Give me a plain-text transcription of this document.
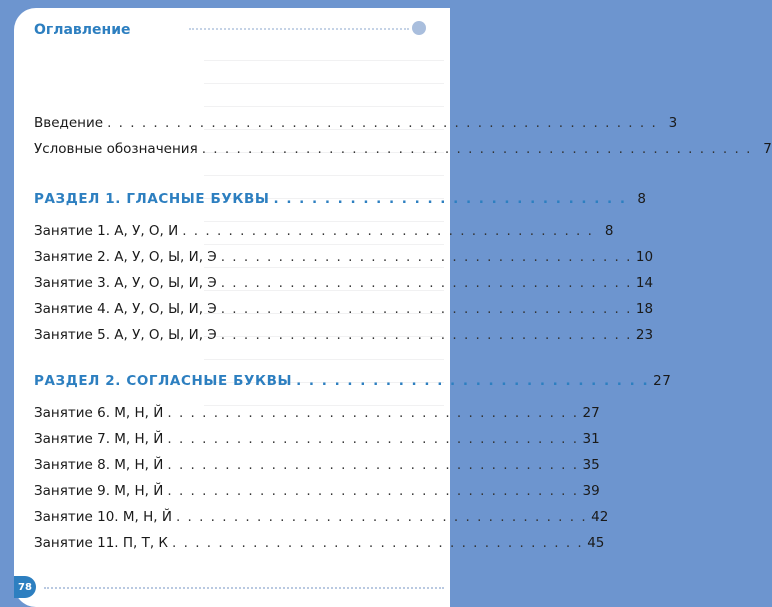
Оглавление
Введение . . . . . . . . . . . . . . . . . . . . . . . . . . . . . . . . . . . . . . . . . . . . . . . . 3
Условные обозначения . . . . . . . . . . . . . . . . . . . . . . . . . . . . . . . . . . . . . . . . . . . . . . . . 7
РАЗДЕЛ 1. ГЛАСНЫЕ БУКВЫ . . . . . . . . . . . . . . . . . . . . . . . . . . . . 8
Занятие 1. А, У, О, И . . . . . . . . . . . . . . . . . . . . . . . . . . . . . . . . . . . . 8
Занятие 2. А, У, О, Ы, И, Э . . . . . . . . . . . . . . . . . . . . . . . . . . . . . . . . . . . . 10
Занятие 3. А, У, О, Ы, И, Э . . . . . . . . . . . . . . . . . . . . . . . . . . . . . . . . . . . . 14
Занятие 4. А, У, О, Ы, И, Э . . . . . . . . . . . . . . . . . . . . . . . . . . . . . . . . . . . . 18
Занятие 5. А, У, О, Ы, И, Э . . . . . . . . . . . . . . . . . . . . . . . . . . . . . . . . . . . . 23
РАЗДЕЛ 2. СОГЛАСНЫЕ БУКВЫ . . . . . . . . . . . . . . . . . . . . . . . . . . . . 27
Занятие 6. М, Н, Й . . . . . . . . . . . . . . . . . . . . . . . . . . . . . . . . . . . . 27
Занятие 7. М, Н, Й . . . . . . . . . . . . . . . . . . . . . . . . . . . . . . . . . . . . 31
Занятие 8. М, Н, Й . . . . . . . . . . . . . . . . . . . . . . . . . . . . . . . . . . . . 35
Занятие 9. М, Н, Й . . . . . . . . . . . . . . . . . . . . . . . . . . . . . . . . . . . . 39
Занятие 10. М, Н, Й . . . . . . . . . . . . . . . . . . . . . . . . . . . . . . . . . . . . 42
Занятие 11. П, Т, К . . . . . . . . . . . . . . . . . . . . . . . . . . . . . . . . . . . . 45
78
